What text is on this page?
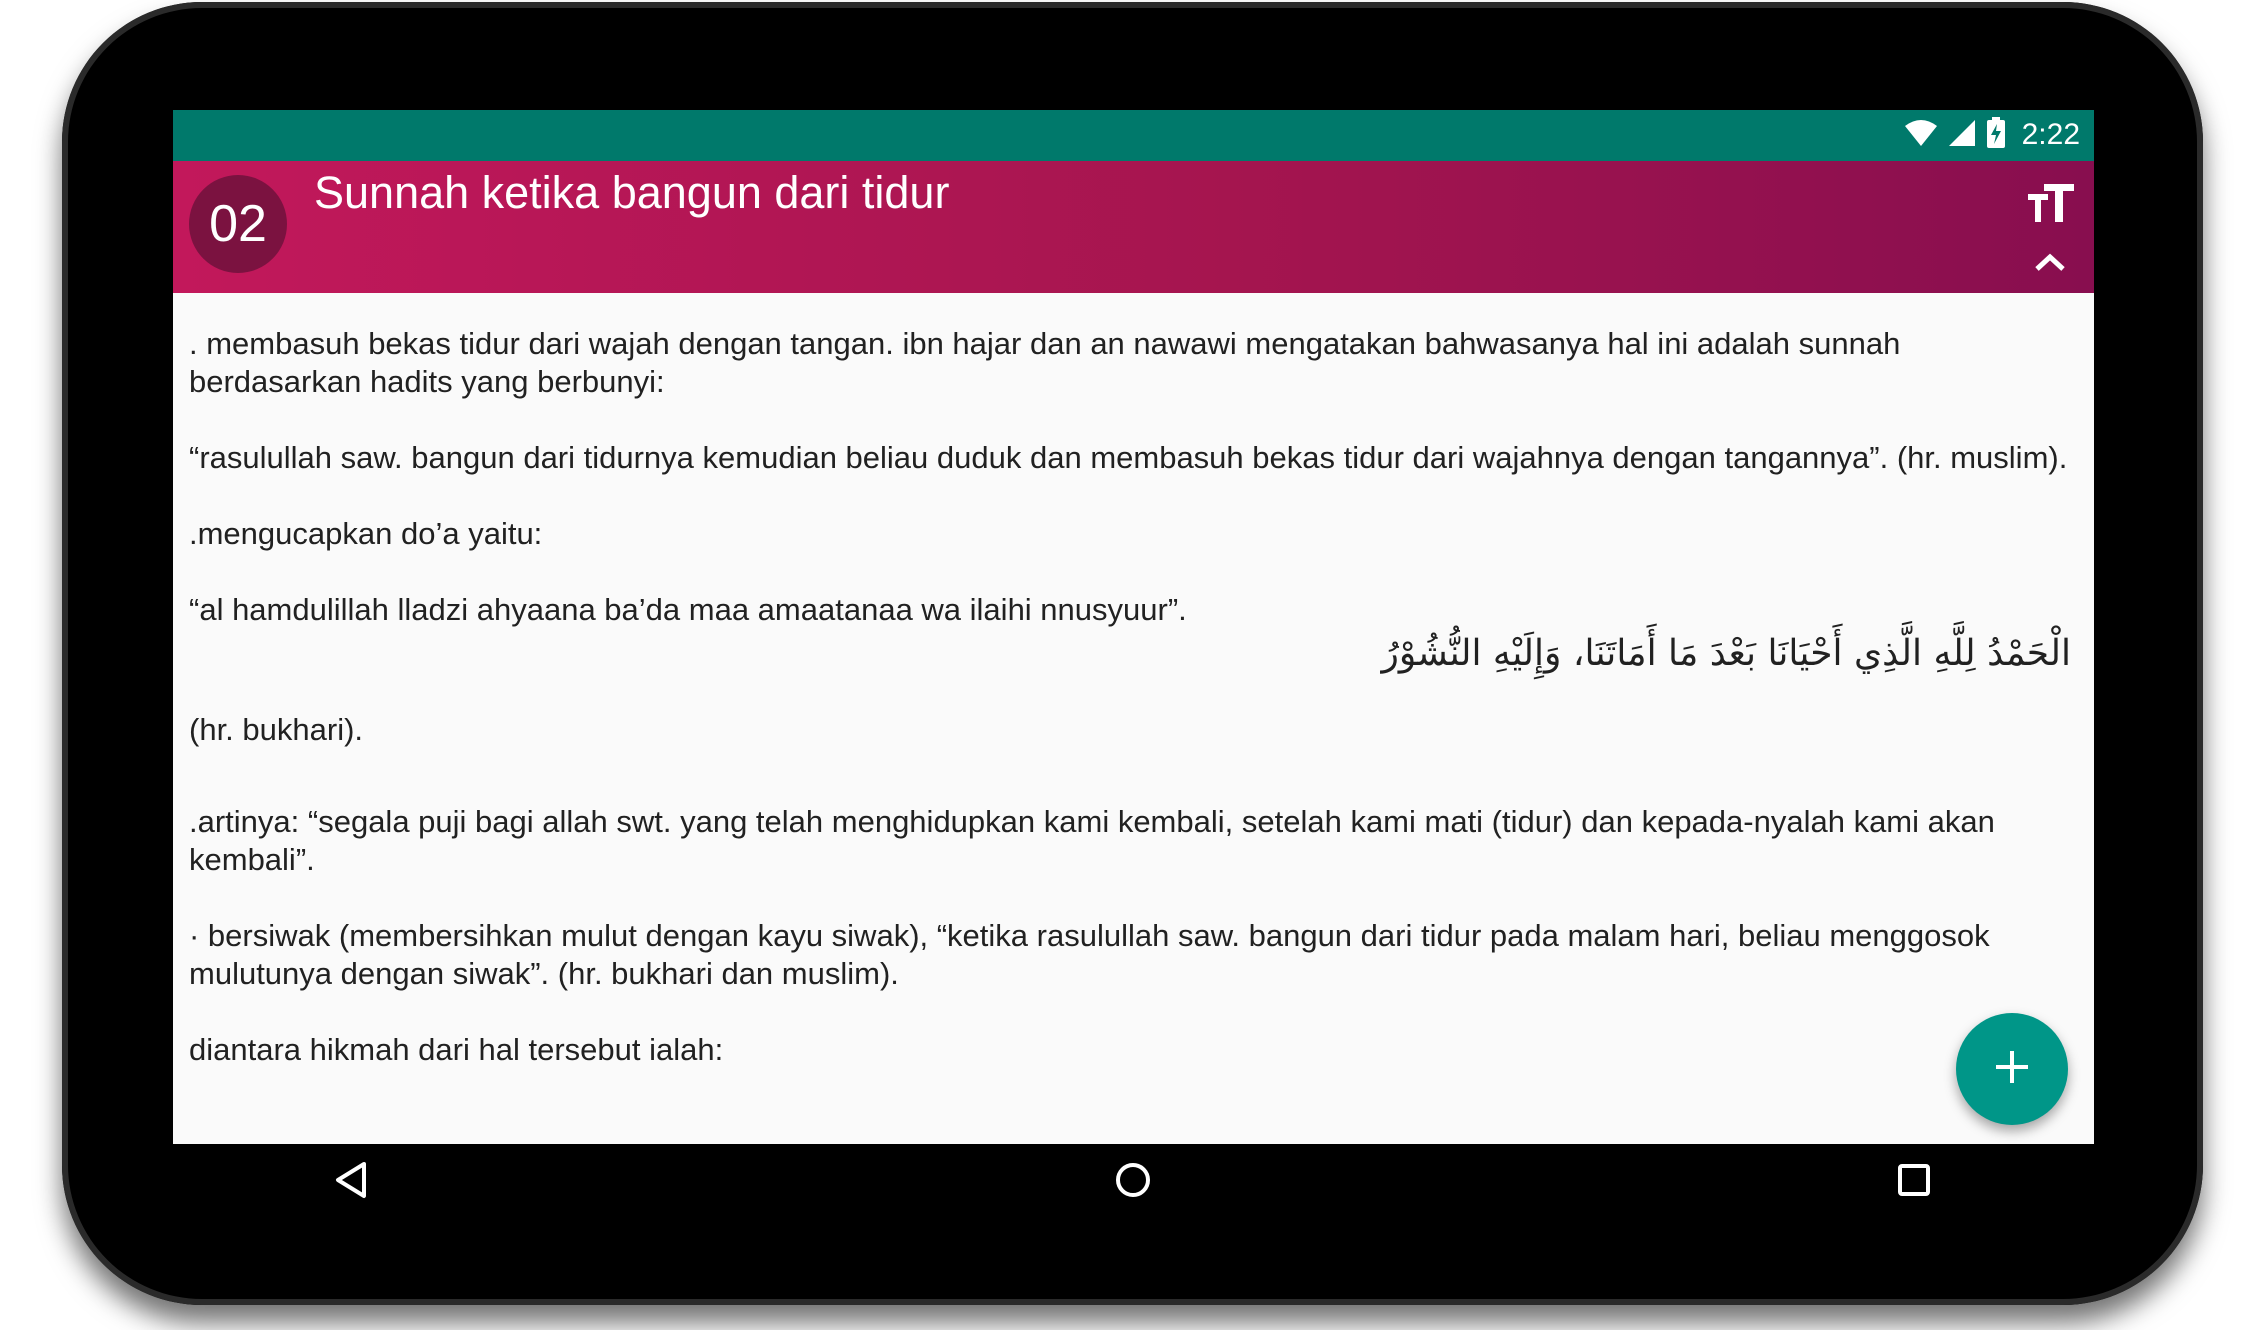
2:22
02
Sunnah ketika bangun dari tidur

. membasuh bekas tidur dari wajah dengan tangan. ibn hajar dan an nawawi mengatakan bahwasanya hal ini adalah sunnah berdasarkan hadits yang berbunyi:

“rasulullah saw. bangun dari tidurnya kemudian beliau duduk dan membasuh bekas tidur dari wajahnya dengan tangannya”. (hr. muslim).

.mengucapkan do’a yaitu:

“al hamdulillah lladzi ahyaana ba’da maa amaatanaa wa ilaihi nnusyuur”.

الْحَمْدُ لِلَّهِ الَّذِي أَحْيَانَا بَعْدَ مَا أَمَاتَنَا، وَإِلَيْهِ النُّشُوْرُ

(hr. bukhari).

.artinya: “segala puji bagi allah swt. yang telah menghidupkan kami kembali, setelah kami mati (tidur) dan kepada-nyalah kami akan kembali”.

· bersiwak (membersihkan mulut dengan kayu siwak), “ketika rasulullah saw. bangun dari tidur pada malam hari, beliau menggosok mulutunya dengan siwak”. (hr. bukhari dan muslim).

diantara hikmah dari hal tersebut ialah:
